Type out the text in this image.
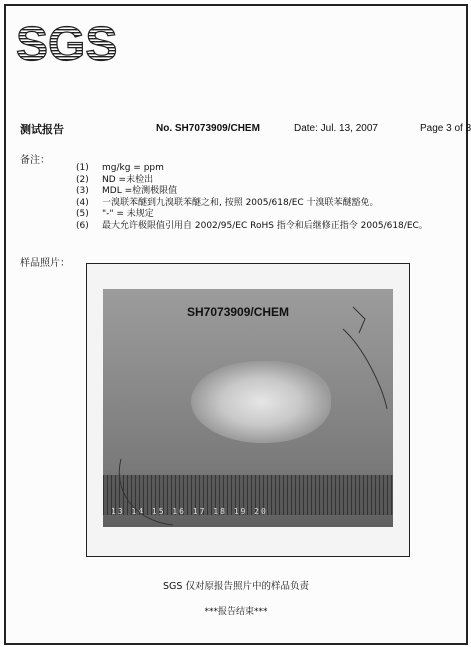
SGS
测试报告	No. SH7073909/CHEM	Date: Jul. 13, 2007	Page 3 of 3
备注：
(1)	mg/kg = ppm
(2)	ND =未检出
(3)	MDL =检测极限值
(4)	一溴联苯醚到九溴联苯醚之和, 按照 2005/618/EC 十溴联苯醚豁免。
(5)	"-" = 未规定
(6)	最大允许极限值引用自 2002/95/EC RoHS 指令和后继修正指令 2005/618/EC。
样品照片：
SH7073909/CHEM
13 14 15 16 17 18 19 20
SGS 仅对原报告照片中的样品负责
***报告结束***
